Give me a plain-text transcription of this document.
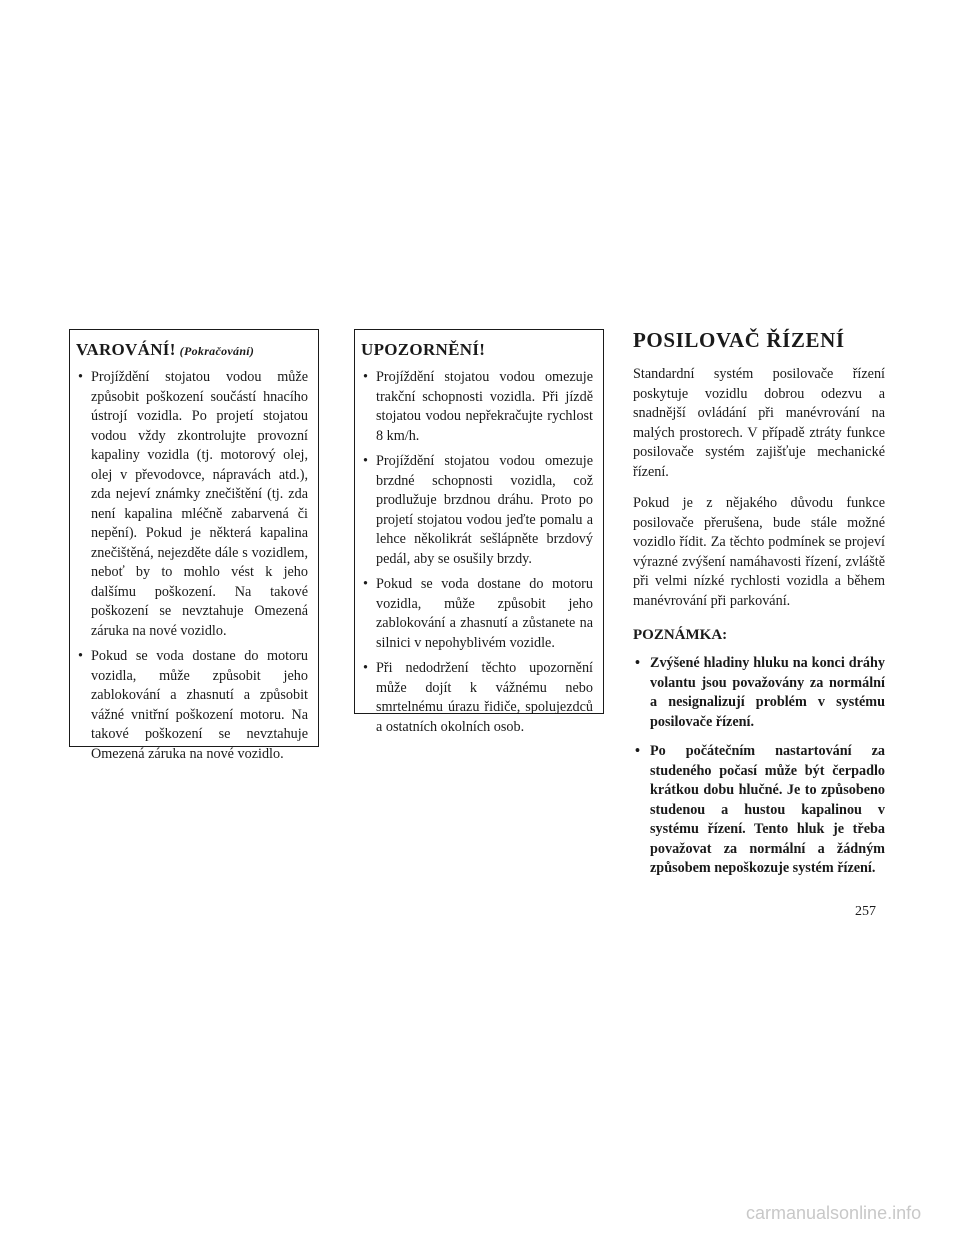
VAROVÁNÍ! (Pokračování)
• Projíždění stojatou vodou může způsobit poškození součástí hnacího ústrojí vozidla. Po projetí stojatou vodou vždy zkontrolujte provozní kapaliny vozidla (tj. motorový olej, olej v převodovce, nápravách atd.), zda nejeví známky znečištění (tj. zda není kapalina mléčně zabarvená či nepění). Pokud je některá kapalina znečištěná, nejezděte dále s vozidlem, neboť by to mohlo vést k jeho dalšímu poškození. Na takové poškození se nevztahuje Omezená záruka na nové vozidlo.
• Pokud se voda dostane do motoru vozidla, může způsobit jeho zablokování a zhasnutí a způsobit vážné vnitřní poškození motoru. Na takové poškození se nevztahuje Omezená záruka na nové vozidlo.
UPOZORNĚNÍ!
• Projíždění stojatou vodou omezuje trakční schopnosti vozidla. Při jízdě stojatou vodou nepřekračujte rychlost 8 km/h.
• Projíždění stojatou vodou omezuje brzdné schopnosti vozidla, což prodlužuje brzdnou dráhu. Proto po projetí stojatou vodou jeďte pomalu a lehce několikrát sešlápněte brzdový pedál, aby se osušily brzdy.
• Pokud se voda dostane do motoru vozidla, může způsobit jeho zablokování a zhasnutí a zůstanete na silnici v nepohyblivém vozidle.
• Při nedodržení těchto upozornění může dojít k vážnému nebo smrtelnému úrazu řidiče, spolujezdců a ostatních okolních osob.
POSILOVAČ ŘÍZENÍ

Standardní systém posilovače řízení poskytuje vozidlu dobrou odezvu a snadnější ovládání při manévrování na malých prostorech. V případě ztráty funkce posilovače systém zajišťuje mechanické řízení.

Pokud je z nějakého důvodu funkce posilovače přerušena, bude stále možné vozidlo řídit. Za těchto podmínek se projeví výrazné zvýšení namáhavosti řízení, zvláště při velmi nízké rychlosti vozidla a během manévrování při parkování.

POZNÁMKA:
• Zvýšené hladiny hluku na konci dráhy volantu jsou považovány za normální a nesignalizují problém v systému posilovače řízení.
• Po počátečním nastartování za studeného počasí může být čerpadlo krátkou dobu hlučné. Je to způsobeno studenou a hustou kapalinou v systému řízení. Tento hluk je třeba považovat za normální a žádným způsobem nepoškozuje systém řízení.
257
carmanualsonline.info
